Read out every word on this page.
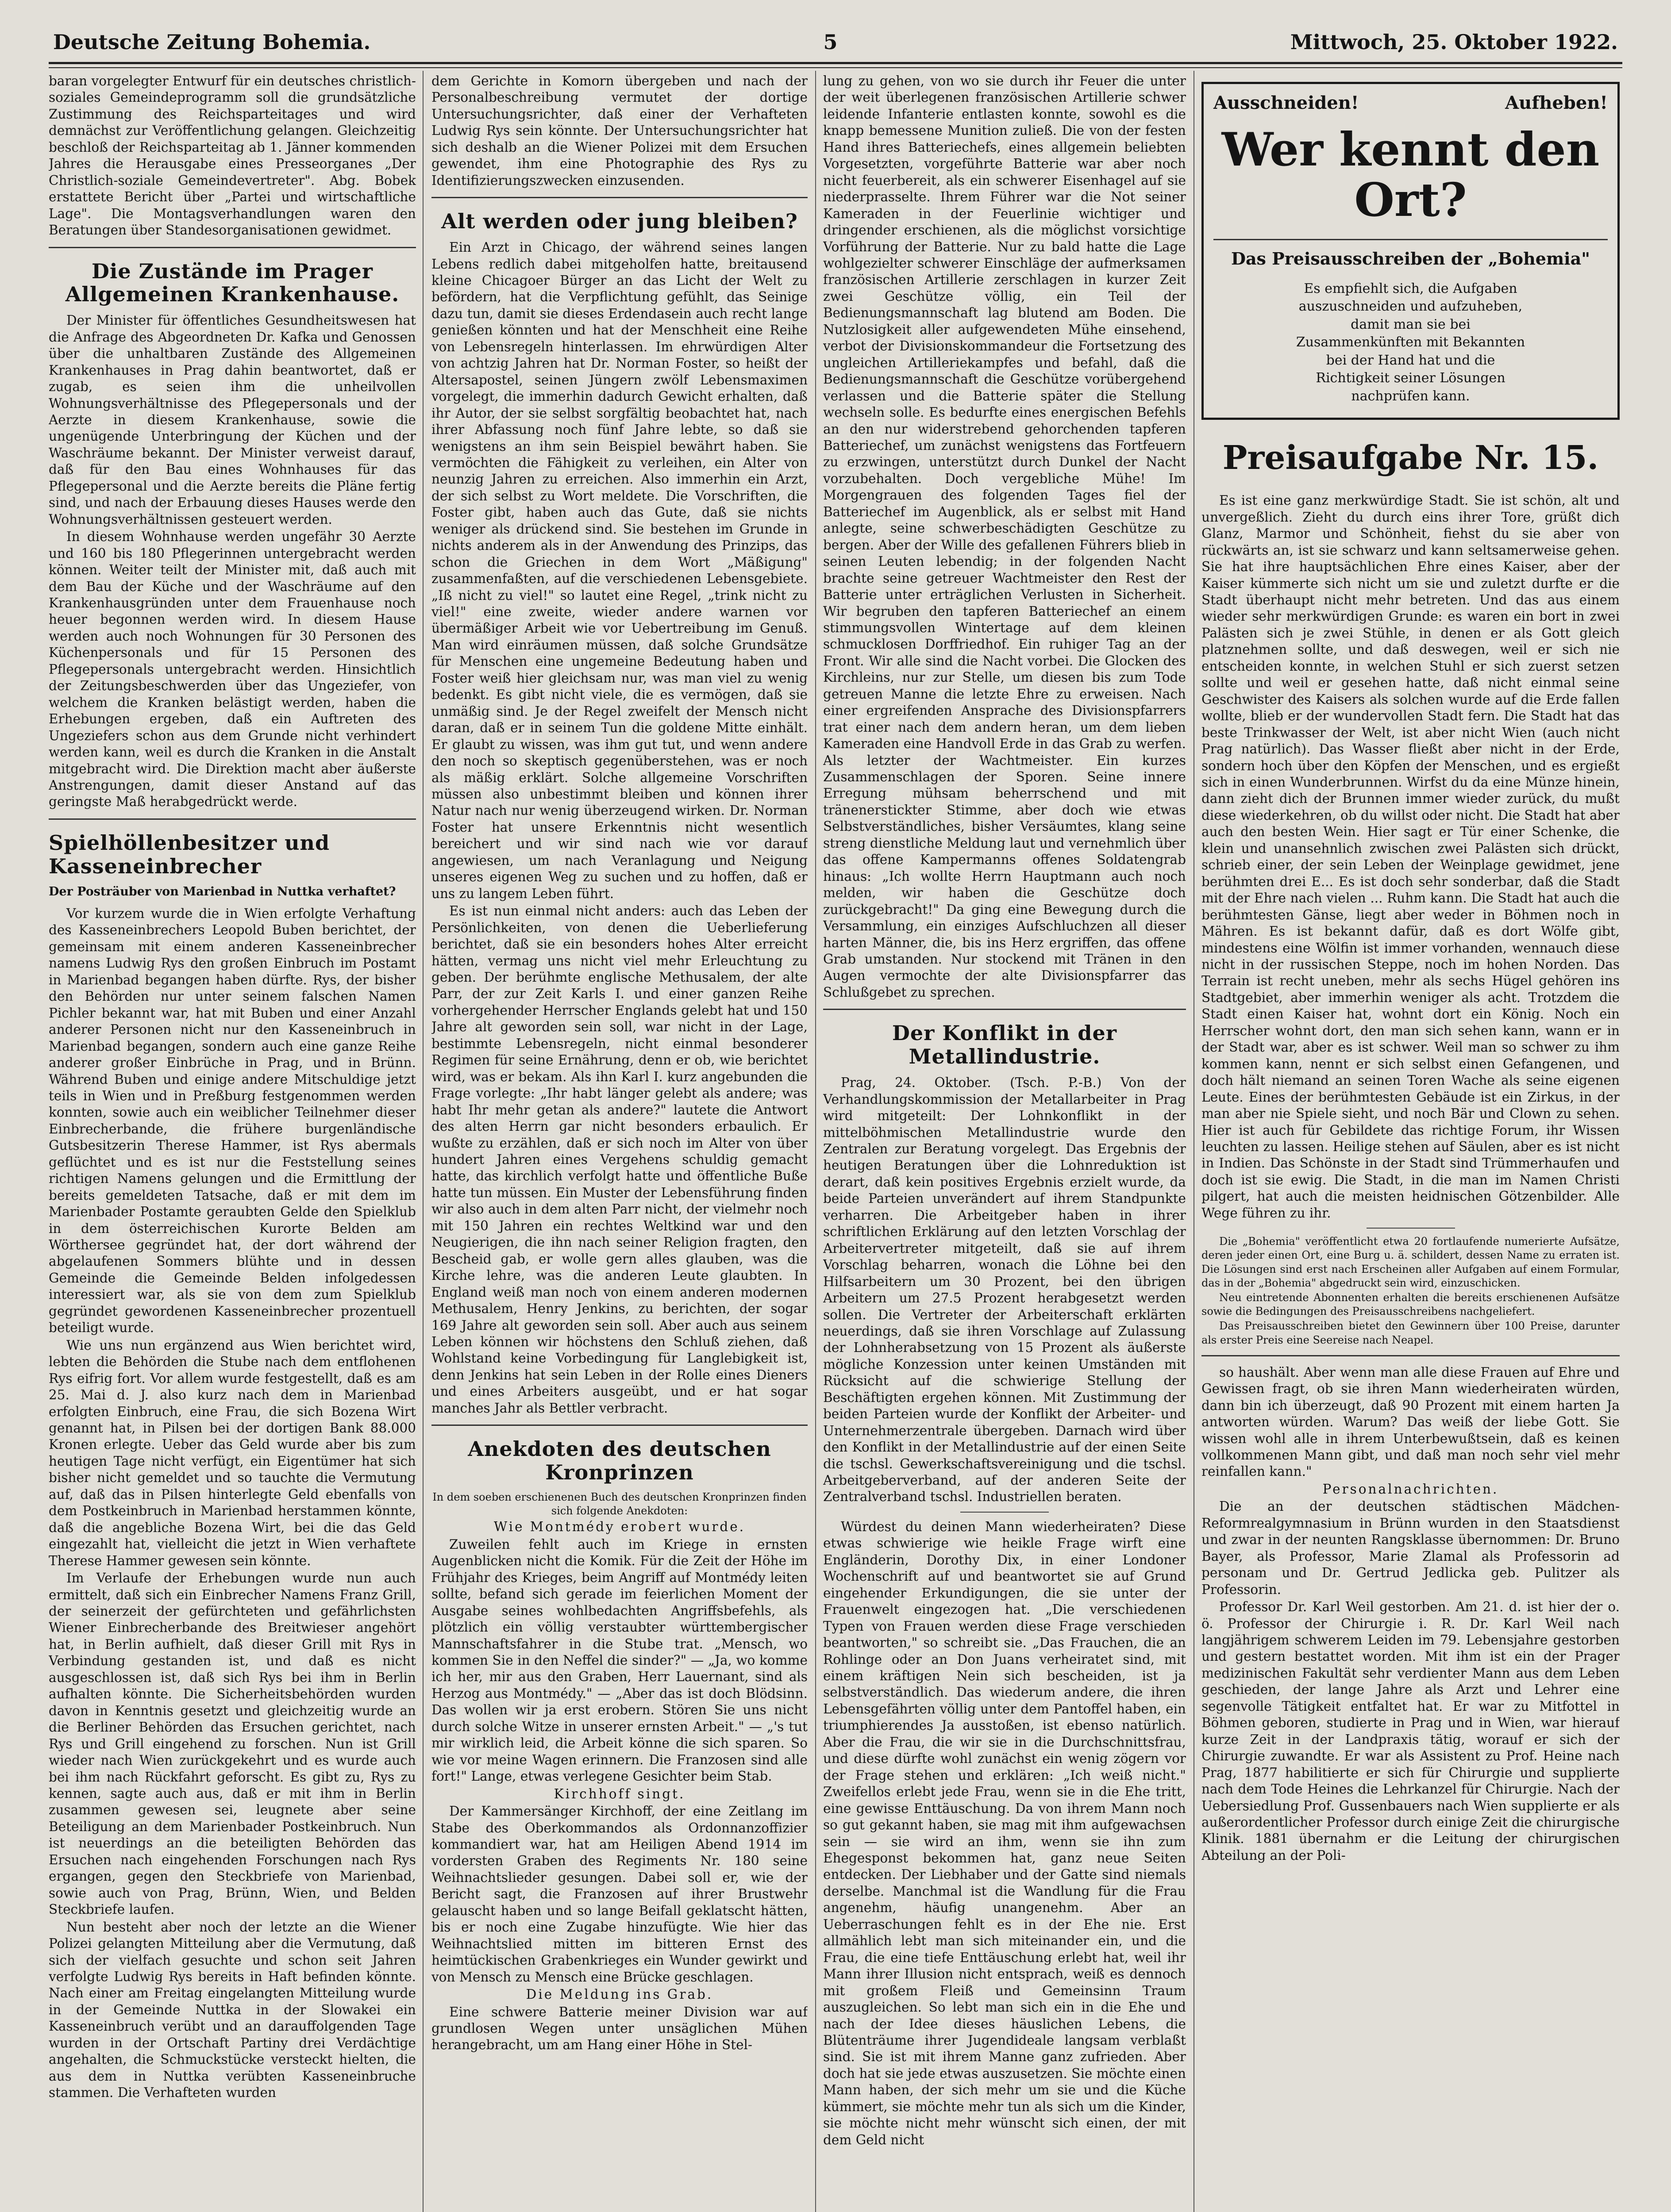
Deutsche Zeitung Bohemia.	5	Mittwoch, 25. Oktober 1922.

baran vorgelegter Entwurf für ein deutsches christlich-soziales Gemeindeprogramm soll die grundsätzliche Zustimmung des Reichsparteitages und wird demnächst zur Veröffentlichung gelangen. Gleichzeitig beschloß der Reichsparteitag ab 1. Jänner kommenden Jahres die Herausgabe eines Presseorganes „Der Christlich-soziale Gemeindevertreter". Abg. Bobek erstattete Bericht über „Partei und wirtschaftliche Lage". Die Montagsverhandlungen waren den Beratungen über Standesorganisationen gewidmet.

Die Zustände im Prager Allgemeinen Krankenhause.

Der Minister für öffentliches Gesundheitswesen hat die Anfrage des Abgeordneten Dr. Kafka und Genossen über die unhaltbaren Zustände des Allgemeinen Krankenhauses in Prag dahin beantwortet, daß er zugab, es seien ihm die unheilvollen Wohnungsverhältnisse des Pflegepersonals und der Aerzte in diesem Krankenhause, sowie die ungenügende Unterbringung der Küchen und der Waschräume bekannt. Der Minister verweist darauf, daß für den Bau eines Wohnhauses für das Pflegepersonal und die Aerzte bereits die Pläne fertig sind, und nach der Erbauung dieses Hauses werde den Wohnungsverhältnissen gesteuert werden.

In diesem Wohnhause werden ungefähr 30 Aerzte und 160 bis 180 Pflegerinnen untergebracht werden können. Weiter teilt der Minister mit, daß auch mit dem Bau der Küche und der Waschräume auf den Krankenhausgründen unter dem Frauenhause noch heuer begonnen werden wird. In diesem Hause werden auch noch Wohnungen für 30 Personen des Küchenpersonals und für 15 Personen des Pflegepersonals untergebracht werden. Hinsichtlich der Zeitungsbeschwerden über das Ungeziefer, von welchem die Kranken belästigt werden, haben die Erhebungen ergeben, daß ein Auftreten des Ungeziefers schon aus dem Grunde nicht verhindert werden kann, weil es durch die Kranken in die Anstalt mitgebracht wird. Die Direktion macht aber äußerste Anstrengungen, damit dieser Anstand auf das geringste Maß herabgedrückt werde.

Spielhöllenbesitzer und Kasseneinbrecher
Der Posträuber von Marienbad in Nuttka verhaftet?

Vor kurzem wurde die in Wien erfolgte Verhaftung des Kasseneinbrechers Leopold Buben berichtet, der gemeinsam mit einem anderen Kasseneinbrecher namens Ludwig Rys den großen Einbruch im Postamt in Marienbad begangen haben dürfte. Rys, der bisher den Behörden nur unter seinem falschen Namen Pichler bekannt war, hat mit Buben und einer Anzahl anderer Personen nicht nur den Kasseneinbruch in Marienbad begangen, sondern auch eine ganze Reihe anderer großer Einbrüche in Prag, und in Brünn. Während Buben und einige andere Mitschuldige jetzt teils in Wien und in Preßburg festgenommen werden konnten, sowie auch ein weiblicher Teilnehmer dieser Einbrecherbande, die frühere burgenländische Gutsbesitzerin Therese Hammer, ist Rys abermals geflüchtet und es ist nur die Feststellung seines richtigen Namens gelungen und die Ermittlung der bereits gemeldeten Tatsache, daß er mit dem im Marienbader Postamte geraubten Gelde den Spielklub in dem österreichischen Kurorte Belden am Wörthersee gegründet hat, der dort während der abgelaufenen Sommers blühte und in dessen Gemeinde die Gemeinde Belden infolgedessen interessiert war, als sie von dem zum Spielklub gegründet gewordenen Kasseneinbrecher prozentuell beteiligt wurde.

Wie uns nun ergänzend aus Wien berichtet wird, lebten die Behörden die Stube nach dem entflohenen Rys eifrig fort. Vor allem wurde festgestellt, daß es am 25. Mai d. J. also kurz nach dem in Marienbad erfolgten Einbruch, eine Frau, die sich Bozena Wirt genannt hat, in Pilsen bei der dortigen Bank 88.000 Kronen erlegte. Ueber das Geld wurde aber bis zum heutigen Tage nicht verfügt, ein Eigentümer hat sich bisher nicht gemeldet und so tauchte die Vermutung auf, daß das in Pilsen hinterlegte Geld ebenfalls von dem Postkeinbruch in Marienbad herstammen könnte, daß die angebliche Bozena Wirt, bei die das Geld eingezahlt hat, vielleicht die jetzt in Wien verhaftete Therese Hammer gewesen sein könnte.

Im Verlaufe der Erhebungen wurde nun auch ermittelt, daß sich ein Einbrecher Namens Franz Grill, der seinerzeit der gefürchteten und gefährlichsten Wiener Einbrecherbande des Breitwieser angehört hat, in Berlin aufhielt, daß dieser Grill mit Rys in Verbindung gestanden ist, und daß es nicht ausgeschlossen ist, daß sich Rys bei ihm in Berlin aufhalten könnte. Die Sicherheitsbehörden wurden davon in Kenntnis gesetzt und gleichzeitig wurde an die Berliner Behörden das Ersuchen gerichtet, nach Rys und Grill eingehend zu forschen. Nun ist Grill wieder nach Wien zurückgekehrt und es wurde auch bei ihm nach Rückfahrt geforscht. Es gibt zu, Rys zu kennen, sagte auch aus, daß er mit ihm in Berlin zusammen gewesen sei, leugnete aber seine Beteiligung an dem Marienbader Postkeinbruch. Nun ist neuerdings an die beteiligten Behörden das Ersuchen nach eingehenden Forschungen nach Rys ergangen, gegen den Steckbriefe von Marienbad, sowie auch von Prag, Brünn, Wien, und Belden Steckbriefe laufen.

Nun besteht aber noch der letzte an die Wiener Polizei gelangten Mitteilung aber die Vermutung, daß sich der vielfach gesuchte und schon seit Jahren verfolgte Ludwig Rys bereits in Haft befinden könnte. Nach einer am Freitag eingelangten Mitteilung wurde in der Gemeinde Nuttka in der Slowakei ein Kasseneinbruch verübt und an darauffolgenden Tage wurden in der Ortschaft Partiny drei Verdächtige angehalten, die Schmuckstücke versteckt hielten, die aus dem in Nuttka verübten Kasseneinbruche stammen. Die Verhafteten wurden

dem Gerichte in Komorn übergeben und nach der Personalbeschreibung vermutet der dortige Untersuchungsrichter, daß einer der Verhafteten Ludwig Rys sein könnte. Der Untersuchungsrichter hat sich deshalb an die Wiener Polizei mit dem Ersuchen gewendet, ihm eine Photographie des Rys zu Identifizierungszwecken einzusenden.

Alt werden oder jung bleiben?

Ein Arzt in Chicago, der während seines langen Lebens redlich dabei mitgeholfen hatte, breitausend kleine Chicagoer Bürger an das Licht der Welt zu befördern, hat die Verpflichtung gefühlt, das Seinige dazu tun, damit sie dieses Erdendasein auch recht lange genießen könnten und hat der Menschheit eine Reihe von Lebensregeln hinterlassen. Im ehrwürdigen Alter von achtzig Jahren hat Dr. Norman Foster, so heißt der Altersapostel, seinen Jüngern zwölf Lebensmaximen vorgelegt, die immerhin dadurch Gewicht erhalten, daß ihr Autor, der sie selbst sorgfältig beobachtet hat, nach ihrer Abfassung noch fünf Jahre lebte, so daß sie wenigstens an ihm sein Beispiel bewährt haben. Sie vermöchten die Fähigkeit zu verleihen, ein Alter von neunzig Jahren zu erreichen. Also immerhin ein Arzt, der sich selbst zu Wort meldete. Die Vorschriften, die Foster gibt, haben auch das Gute, daß sie nichts weniger als drückend sind. Sie bestehen im Grunde in nichts anderem als in der Anwendung des Prinzips, das schon die Griechen in dem Wort „Mäßigung" zusammenfaßten, auf die verschiedenen Lebensgebiete. „Iß nicht zu viel!" so lautet eine Regel, „trink nicht zu viel!" eine zweite, wieder andere warnen vor übermäßiger Arbeit wie vor Uebertreibung im Genuß. Man wird einräumen müssen, daß solche Grundsätze für Menschen eine ungemeine Bedeutung haben und Foster weiß hier gleichsam nur, was man viel zu wenig bedenkt. Es gibt nicht viele, die es vermögen, daß sie unmäßig sind. Je der Regel zweifelt der Mensch nicht daran, daß er in seinem Tun die goldene Mitte einhält. Er glaubt zu wissen, was ihm gut tut, und wenn andere den noch so skeptisch gegenüberstehen, was er noch als mäßig erklärt. Solche allgemeine Vorschriften müssen also unbestimmt bleiben und können ihrer Natur nach nur wenig überzeugend wirken. Dr. Norman Foster hat unsere Erkenntnis nicht wesentlich bereichert und wir sind nach wie vor darauf angewiesen, um nach Veranlagung und Neigung unseres eigenen Weg zu suchen und zu hoffen, daß er uns zu langem Leben führt.

Es ist nun einmal nicht anders: auch das Leben der Persönlichkeiten, von denen die Ueberlieferung berichtet, daß sie ein besonders hohes Alter erreicht hätten, vermag uns nicht viel mehr Erleuchtung zu geben. Der berühmte englische Methusalem, der alte Parr, der zur Zeit Karls I. und einer ganzen Reihe vorhergehender Herrscher Englands gelebt hat und 150 Jahre alt geworden sein soll, war nicht in der Lage, bestimmte Lebensregeln, nicht einmal besonderer Regimen für seine Ernährung, denn er ob, wie berichtet wird, was er bekam. Als ihn Karl I. kurz angebunden die Frage vorlegte: „Ihr habt länger gelebt als andere; was habt Ihr mehr getan als andere?" lautete die Antwort des alten Herrn gar nicht besonders erbaulich. Er wußte zu erzählen, daß er sich noch im Alter von über hundert Jahren eines Vergehens schuldig gemacht hatte, das kirchlich verfolgt hatte und öffentliche Buße hatte tun müssen. Ein Muster der Lebensführung finden wir also auch in dem alten Parr nicht, der vielmehr noch mit 150 Jahren ein rechtes Weltkind war und den Neugierigen, die ihn nach seiner Religion fragten, den Bescheid gab, er wolle gern alles glauben, was die Kirche lehre, was die anderen Leute glaubten. In England weiß man noch von einem anderen modernen Methusalem, Henry Jenkins, zu berichten, der sogar 169 Jahre alt geworden sein soll. Aber auch aus seinem Leben können wir höchstens den Schluß ziehen, daß Wohlstand keine Vorbedingung für Langlebigkeit ist, denn Jenkins hat sein Leben in der Rolle eines Dieners und eines Arbeiters ausgeübt, und er hat sogar manches Jahr als Bettler verbracht.

Anekdoten des deutschen Kronprinzen

In dem soeben erschienenen Buch des deutschen Kronprinzen finden sich folgende Anekdoten:

Wie Montmédy erobert wurde.

Zuweilen fehlt auch im Kriege in ernsten Augenblicken nicht die Komik. Für die Zeit der Höhe im Frühjahr des Krieges, beim Angriff auf Montmédy leiten sollte, befand sich gerade im feierlichen Moment der Ausgabe seines wohlbedachten Angriffsbefehls, als plötzlich ein völlig verstaubter württembergischer Mannschaftsfahrer in die Stube trat. „Mensch, wo kommen Sie in den Neffel die sinder?" — „Ja, wo komme ich her, mir aus den Graben, Herr Lauernant, sind als Herzog aus Montmédy." — „Aber das ist doch Blödsinn. Das wollen wir ja erst erobern. Stören Sie uns nicht durch solche Witze in unserer ernsten Arbeit." — „'s tut mir wirklich leid, die Arbeit könne die sich sparen. So wie vor meine Wagen erinnern. Die Franzosen sind alle fort!" Lange, etwas verlegene Gesichter beim Stab.

Kirchhoff singt.

Der Kammersänger Kirchhoff, der eine Zeitlang im Stabe des Oberkommandos als Ordonnanzoffizier kommandiert war, hat am Heiligen Abend 1914 im vordersten Graben des Regiments Nr. 180 seine Weihnachtslieder gesungen. Dabei soll er, wie der Bericht sagt, die Franzosen auf ihrer Brustwehr gelauscht haben und so lange Beifall geklatscht hätten, bis er noch eine Zugabe hinzufügte. Wie hier das Weihnachtslied mitten im bitteren Ernst des heimtückischen Grabenkrieges ein Wunder gewirkt und von Mensch zu Mensch eine Brücke geschlagen.

Die Meldung ins Grab.

Eine schwere Batterie meiner Division war auf grundlosen Wegen unter unsäglichen Mühen herangebracht, um am Hang einer Höhe in Stel-

lung zu gehen, von wo sie durch ihr Feuer die unter der weit überlegenen französischen Artillerie schwer leidende Infanterie entlasten konnte, sowohl es die knapp bemessene Munition zuließ. Die von der festen Hand ihres Batteriechefs, eines allgemein beliebten Vorgesetzten, vorgeführte Batterie war aber noch nicht feuerbereit, als ein schwerer Eisenhagel auf sie niederprasselte. Ihrem Führer war die Not seiner Kameraden in der Feuerlinie wichtiger und dringender erschienen, als die möglichst vorsichtige Vorführung der Batterie. Nur zu bald hatte die Lage wohlgezielter schwerer Einschläge der aufmerksamen französischen Artillerie zerschlagen in kurzer Zeit zwei Geschütze völlig, ein Teil der Bedienungsmannschaft lag blutend am Boden. Die Nutzlosigkeit aller aufgewendeten Mühe einsehend, verbot der Divisionskommandeur die Fortsetzung des ungleichen Artilleriekampfes und befahl, daß die Bedienungsmannschaft die Geschütze vorübergehend verlassen und die Batterie später die Stellung wechseln solle. Es bedurfte eines energischen Befehls an den nur widerstrebend gehorchenden tapferen Batteriechef, um zunächst wenigstens das Fortfeuern zu erzwingen, unterstützt durch Dunkel der Nacht vorzubehalten. Doch vergebliche Mühe! Im Morgengrauen des folgenden Tages fiel der Batteriechef im Augenblick, als er selbst mit Hand anlegte, seine schwerbeschädigten Geschütze zu bergen. Aber der Wille des gefallenen Führers blieb in seinen Leuten lebendig; in der folgenden Nacht brachte seine getreuer Wachtmeister den Rest der Batterie unter erträglichen Verlusten in Sicherheit. Wir begruben den tapferen Batteriechef an einem stimmungsvollen Wintertage auf dem kleinen schmucklosen Dorffriedhof. Ein ruhiger Tag an der Front. Wir alle sind die Nacht vorbei. Die Glocken des Kirchleins, nur zur Stelle, um diesen bis zum Tode getreuen Manne die letzte Ehre zu erweisen. Nach einer ergreifenden Ansprache des Divisionspfarrers trat einer nach dem andern heran, um dem lieben Kameraden eine Handvoll Erde in das Grab zu werfen. Als letzter der Wachtmeister. Ein kurzes Zusammenschlagen der Sporen. Seine innere Erregung mühsam beherrschend und mit tränenerstickter Stimme, aber doch wie etwas Selbstverständliches, bisher Versäumtes, klang seine streng dienstliche Meldung laut und vernehmlich über das offene Kampermanns offenes Soldatengrab hinaus: „Ich wollte Herrn Hauptmann auch noch melden, wir haben die Geschütze doch zurückgebracht!" Da ging eine Bewegung durch die Versammlung, ein einziges Aufschluchzen all dieser harten Männer, die, bis ins Herz ergriffen, das offene Grab umstanden. Nur stockend mit Tränen in den Augen vermochte der alte Divisionspfarrer das Schlußgebet zu sprechen.

Der Konflikt in der Metallindustrie.

Prag, 24. Oktober. (Tsch. P.-B.) Von der Verhandlungskommission der Metallarbeiter in Prag wird mitgeteilt: Der Lohnkonflikt in der mittelböhmischen Metallindustrie wurde den Zentralen zur Beratung vorgelegt. Das Ergebnis der heutigen Beratungen über die Lohnreduktion ist derart, daß kein positives Ergebnis erzielt wurde, da beide Parteien unverändert auf ihrem Standpunkte verharren. Die Arbeitgeber haben in ihrer schriftlichen Erklärung auf den letzten Vorschlag der Arbeitervertreter mitgeteilt, daß sie auf ihrem Vorschlag beharren, wonach die Löhne bei den Hilfsarbeitern um 30 Prozent, bei den übrigen Arbeitern um 27.5 Prozent herabgesetzt werden sollen. Die Vertreter der Arbeiterschaft erklärten neuerdings, daß sie ihren Vorschlage auf Zulassung der Lohnherabsetzung von 15 Prozent als äußerste mögliche Konzession unter keinen Umständen mit Rücksicht auf die schwierige Stellung der Beschäftigten ergehen können. Mit Zustimmung der beiden Parteien wurde der Konflikt der Arbeiter- und Unternehmerzentrale übergeben. Darnach wird über den Konflikt in der Metallindustrie auf der einen Seite die tschsl. Gewerkschaftsvereinigung und die tschsl. Arbeitgeberverband, auf der anderen Seite der Zentralverband tschsl. Industriellen beraten.

Würdest du deinen Mann wiederheiraten? Diese etwas schwierige wie heikle Frage wirft eine Engländerin, Dorothy Dix, in einer Londoner Wochenschrift auf und beantwortet sie auf Grund eingehender Erkundigungen, die sie unter der Frauenwelt eingezogen hat. „Die verschiedenen Typen von Frauen werden diese Frage verschieden beantworten," so schreibt sie. „Das Frauchen, die an Rohlinge oder an Don Juans verheiratet sind, mit einem kräftigen Nein sich bescheiden, ist ja selbstverständlich. Das wiederum andere, die ihren Lebensgefährten völlig unter dem Pantoffel haben, ein triumphierendes Ja ausstoßen, ist ebenso natürlich. Aber die Frau, die wir sie in die Durchschnittsfrau, und diese dürfte wohl zunächst ein wenig zögern vor der Frage stehen und erklären: „Ich weiß nicht." Zweifellos erlebt jede Frau, wenn sie in die Ehe tritt, eine gewisse Enttäuschung. Da von ihrem Mann noch so gut gekannt haben, sie mag mit ihm aufgewachsen sein — sie wird an ihm, wenn sie ihn zum Ehegesponst bekommen hat, ganz neue Seiten entdecken. Der Liebhaber und der Gatte sind niemals derselbe. Manchmal ist die Wandlung für die Frau angenehm, häufig unangenehm. Aber an Ueberraschungen fehlt es in der Ehe nie. Erst allmählich lebt man sich miteinander ein, und die Frau, die eine tiefe Enttäuschung erlebt hat, weil ihr Mann ihrer Illusion nicht entsprach, weiß es dennoch mit großem Fleiß und Gemeinsinn Traum auszugleichen. So lebt man sich ein in die Ehe und nach der Idee dieses häuslichen Lebens, die Blütenträume ihrer Jugendideale langsam verblaßt sind. Sie ist mit ihrem Manne ganz zufrieden. Aber doch hat sie jede etwas auszusetzen. Sie möchte einen Mann haben, der sich mehr um sie und die Küche kümmert, sie möchte mehr tun als sich um die Kinder, sie möchte nicht mehr wünscht sich einen, der mit dem Geld nicht

Ausschneiden!	Aufheben!
Wer kennt den Ort?
Das Preisausschreiben der „Bohemia"
Es empfiehlt sich, die Aufgaben auszuschneiden und aufzuheben, damit man sie bei Zusammenkünften mit Bekannten bei der Hand hat und die Richtigkeit seiner Lösungen nachprüfen kann.
Preisaufgabe Nr. 15.

Es ist eine ganz merkwürdige Stadt. Sie ist schön, alt und unvergeßlich. Zieht du durch eins ihrer Tore, grüßt dich Glanz, Marmor und Schönheit, fiehst du sie aber von rückwärts an, ist sie schwarz und kann seltsamerweise gehen. Sie hat ihre hauptsächlichen Ehre eines Kaiser, aber der Kaiser kümmerte sich nicht um sie und zuletzt durfte er die Stadt überhaupt nicht mehr betreten. Und das aus einem wieder sehr merkwürdigen Grunde: es waren ein bort in zwei Palästen sich je zwei Stühle, in denen er als Gott gleich platznehmen sollte, und daß deswegen, weil er sich nie entscheiden konnte, in welchen Stuhl er sich zuerst setzen sollte und weil er gesehen hatte, daß nicht einmal seine Geschwister des Kaisers als solchen wurde auf die Erde fallen wollte, blieb er der wundervollen Stadt fern. Die Stadt hat das beste Trinkwasser der Welt, ist aber nicht Wien (auch nicht Prag natürlich). Das Wasser fließt aber nicht in der Erde, sondern hoch über den Köpfen der Menschen, und es ergießt sich in einen Wunderbrunnen. Wirfst du da eine Münze hinein, dann zieht dich der Brunnen immer wieder zurück, du mußt diese wiederkehren, ob du willst oder nicht. Die Stadt hat aber auch den besten Wein. Hier sagt er Tür einer Schenke, die klein und unansehnlich zwischen zwei Palästen sich drückt, schrieb einer, der sein Leben der Weinplage gewidmet, jene berühmten drei E... Es ist doch sehr sonderbar, daß die Stadt mit der Ehre nach vielen ... Ruhm kann. Die Stadt hat auch die berühmtesten Gänse, liegt aber weder in Böhmen noch in Mähren. Es ist bekannt dafür, daß es dort Wölfe gibt, mindestens eine Wölfin ist immer vorhanden, wennauch diese nicht in der russischen Steppe, noch im hohen Norden. Das Terrain ist recht uneben, mehr als sechs Hügel gehören ins Stadtgebiet, aber immerhin weniger als acht. Trotzdem die Stadt einen Kaiser hat, wohnt dort ein König. Noch ein Herrscher wohnt dort, den man sich sehen kann, wann er in der Stadt war, aber es ist schwer. Weil man so schwer zu ihm kommen kann, nennt er sich selbst einen Gefangenen, und doch hält niemand an seinen Toren Wache als seine eigenen Leute. Eines der berühmtesten Gebäude ist ein Zirkus, in der man aber nie Spiele sieht, und noch Bär und Clown zu sehen. Hier ist auch für Gebildete das richtige Forum, ihr Wissen leuchten zu lassen. Heilige stehen auf Säulen, aber es ist nicht in Indien. Das Schönste in der Stadt sind Trümmerhaufen und doch ist sie ewig. Die Stadt, in die man im Namen Christi pilgert, hat auch die meisten heidnischen Götzenbilder. Alle Wege führen zu ihr.

Die „Bohemia" veröffentlicht etwa 20 fortlaufende numerierte Aufsätze, deren jeder einen Ort, eine Burg u. ä. schildert, dessen Name zu erraten ist. Die Lösungen sind erst nach Erscheinen aller Aufgaben auf einem Formular, das in der „Bohemia" abgedruckt sein wird, einzuschicken.

Neu eintretende Abonnenten erhalten die bereits erschienenen Aufsätze sowie die Bedingungen des Preisausschreibens nachgeliefert.

Das Preisausschreiben bietet den Gewinnern über 100 Preise, darunter als erster Preis eine Seereise nach Neapel.

so haushält. Aber wenn man alle diese Frauen auf Ehre und Gewissen fragt, ob sie ihren Mann wiederheiraten würden, dann bin ich überzeugt, daß 90 Prozent mit einem harten Ja antworten würden. Warum? Das weiß der liebe Gott. Sie wissen wohl alle in ihrem Unterbewußtsein, daß es keinen vollkommenen Mann gibt, und daß man noch sehr viel mehr reinfallen kann."

Personalnachrichten.

Die an der deutschen städtischen Mädchen-Reformrealgymnasium in Brünn wurden in den Staatsdienst und zwar in der neunten Rangsklasse übernommen: Dr. Bruno Bayer, als Professor, Marie Zlamal als Professorin ad personam und Dr. Gertrud Jedlicka geb. Pulitzer als Professorin.

Professor Dr. Karl Weil gestorben. Am 21. d. ist hier der o. ö. Professor der Chirurgie i. R. Dr. Karl Weil nach langjährigem schwerem Leiden im 79. Lebensjahre gestorben und gestern bestattet worden. Mit ihm ist ein der Prager medizinischen Fakultät sehr verdienter Mann aus dem Leben geschieden, der lange Jahre als Arzt und Lehrer eine segenvolle Tätigkeit entfaltet hat. Er war zu Mitfottel in Böhmen geboren, studierte in Prag und in Wien, war hierauf kurze Zeit in der Landpraxis tätig, worauf er sich der Chirurgie zuwandte. Er war als Assistent zu Prof. Heine nach Prag, 1877 habilitierte er sich für Chirurgie und supplierte nach dem Tode Heines die Lehrkanzel für Chirurgie. Nach der Uebersiedlung Prof. Gussenbauers nach Wien supplierte er als außerordentlicher Professor durch einige Zeit die chirurgische Klinik. 1881 übernahm er die Leitung der chirurgischen Abteilung an der Poli-
